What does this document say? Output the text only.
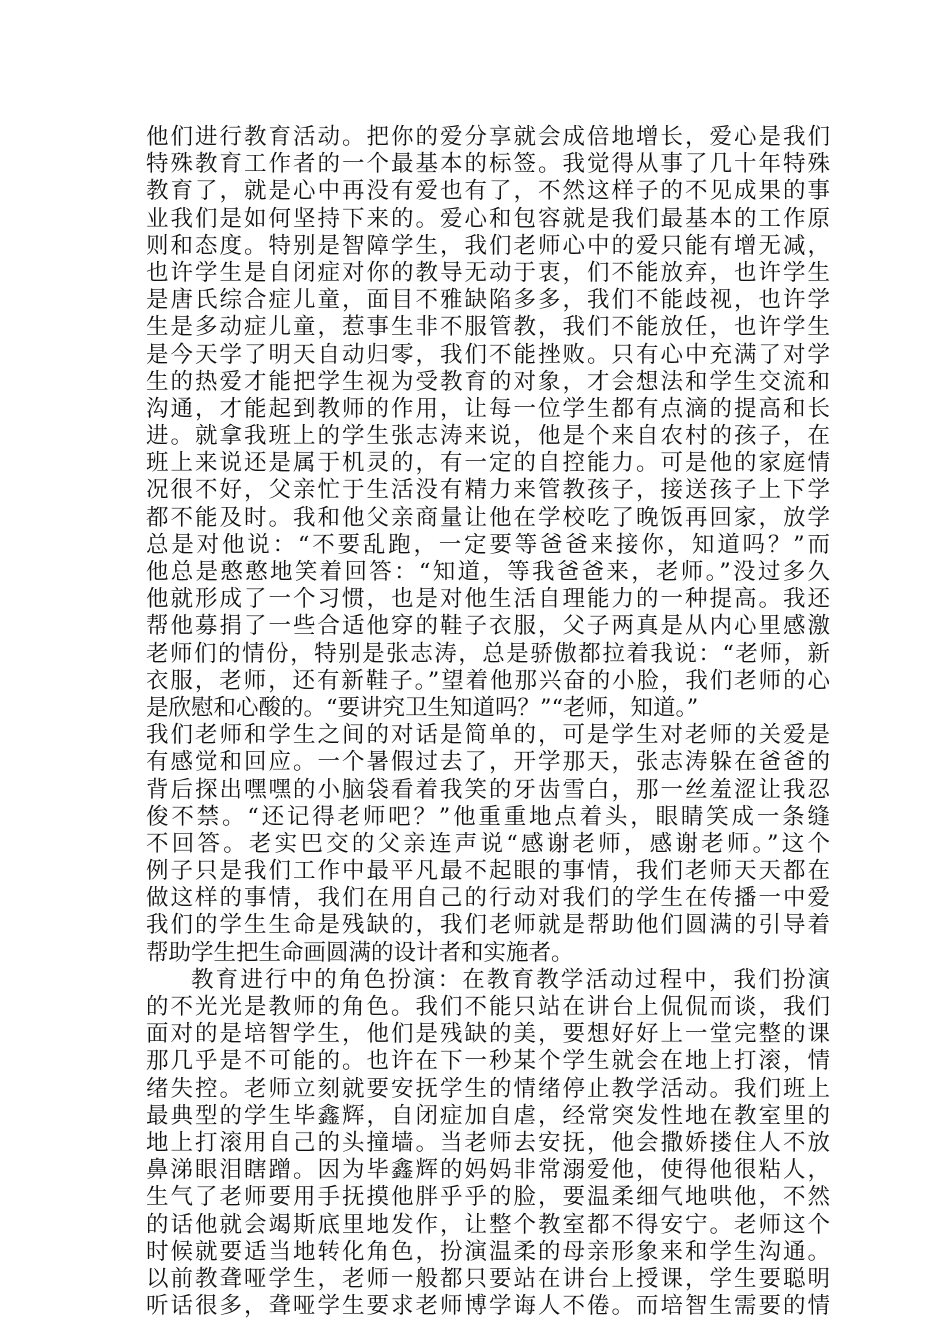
他们进行教育活动。把你的爱分享就会成倍地增长，爱心是我们
特殊教育工作者的一个最基本的标签。我觉得从事了几十年特殊
教育了，就是心中再没有爱也有了，不然这样子的不见成果的事
业我们是如何坚持下来的。爱心和包容就是我们最基本的工作原
则和态度。特别是智障学生，我们老师心中的爱只能有增无减，
也许学生是自闭症对你的教导无动于衷，们不能放弃，也许学生
是唐氏综合症儿童，面目不雅缺陷多多，我们不能歧视，也许学
生是多动症儿童，惹事生非不服管教，我们不能放任，也许学生
是今天学了明天自动归零，我们不能挫败。只有心中充满了对学
生的热爱才能把学生视为受教育的对象，才会想法和学生交流和
沟通，才能起到教师的作用，让每一位学生都有点滴的提高和长
进。就拿我班上的学生张志涛来说，他是个来自农村的孩子，在
班上来说还是属于机灵的，有一定的自控能力。可是他的家庭情
况很不好，父亲忙于生活没有精力来管教孩子，接送孩子上下学
都不能及时。我和他父亲商量让他在学校吃了晚饭再回家，放学
总是对他说：“不要乱跑，一定要等爸爸来接你，知道吗？”而
他总是憨憨地笑着回答：“知道，等我爸爸来，老师。”没过多久
他就形成了一个习惯，也是对他生活自理能力的一种提高。我还
帮他募捐了一些合适他穿的鞋子衣服，父子两真是从内心里感激
老师们的情份，特别是张志涛，总是骄傲都拉着我说：“老师，新
衣服，老师，还有新鞋子。”望着他那兴奋的小脸，我们老师的心
是欣慰和心酸的。“要讲究卫生知道吗？”“老师，知道。”
我们老师和学生之间的对话是简单的，可是学生对老师的关爱是
有感觉和回应。一个暑假过去了，开学那天，张志涛躲在爸爸的
背后探出嘿嘿的小脑袋看着我笑的牙齿雪白，那一丝羞涩让我忍
俊不禁。“还记得老师吧？”他重重地点着头，眼睛笑成一条缝
不回答。老实巴交的父亲连声说“感谢老师，感谢老师。”这个
例子只是我们工作中最平凡最不起眼的事情，我们老师天天都在
做这样的事情，我们在用自己的行动对我们的学生在传播一中爱
我们的学生生命是残缺的，我们老师就是帮助他们圆满的引导着
帮助学生把生命画圆满的设计者和实施者。
教育进行中的角色扮演：在教育教学活动过程中，我们扮演
的不光光是教师的角色。我们不能只站在讲台上侃侃而谈，我们
面对的是培智学生，他们是残缺的美，要想好好上一堂完整的课
那几乎是不可能的。也许在下一秒某个学生就会在地上打滚，情
绪失控。老师立刻就要安抚学生的情绪停止教学活动。我们班上
最典型的学生毕鑫辉，自闭症加自虐，经常突发性地在教室里的
地上打滚用自己的头撞墙。当老师去安抚，他会撒娇搂住人不放
鼻涕眼泪瞎蹭。因为毕鑫辉的妈妈非常溺爱他，使得他很粘人，
生气了老师要用手抚摸他胖乎乎的脸，要温柔细气地哄他，不然
的话他就会竭斯底里地发作，让整个教室都不得安宁。老师这个
时候就要适当地转化角色，扮演温柔的母亲形象来和学生沟通。
以前教聋哑学生，老师一般都只要站在讲台上授课，学生要聪明
听话很多，聋哑学生要求老师博学诲人不倦。而培智生需要的情
